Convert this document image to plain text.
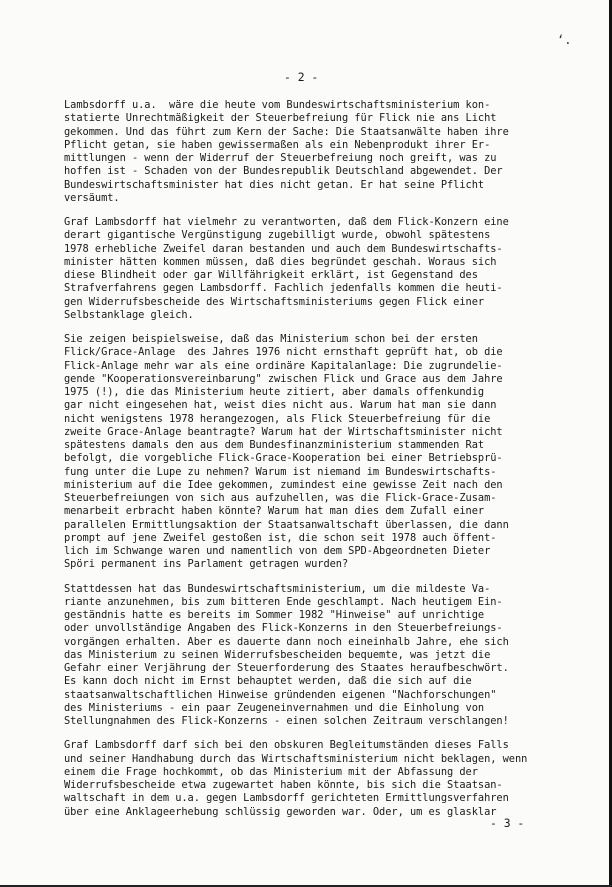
‘.
- 2 -
Lambsdorff u.a.  wäre die heute vom Bundeswirtschaftsministerium kon-
statierte Unrechtmäßigkeit der Steuerbefreiung für Flick nie ans Licht
gekommen. Und das führt zum Kern der Sache: Die Staatsanwälte haben ihre
Pflicht getan, sie haben gewissermaßen als ein Nebenprodukt ihrer Er-
mittlungen - wenn der Widerruf der Steuerbefreiung noch greift, was zu
hoffen ist - Schaden von der Bundesrepublik Deutschland abgewendet. Der
Bundeswirtschaftsminister hat dies nicht getan. Er hat seine Pflicht
versäumt.
Graf Lambsdorff hat vielmehr zu verantworten, daß dem Flick-Konzern eine
derart gigantische Vergünstigung zugebilligt wurde, obwohl spätestens
1978 erhebliche Zweifel daran bestanden und auch dem Bundeswirtschafts-
minister hätten kommen müssen, daß dies begründet geschah. Woraus sich
diese Blindheit oder gar Willfährigkeit erklärt, ist Gegenstand des
Strafverfahrens gegen Lambsdorff. Fachlich jedenfalls kommen die heuti-
gen Widerrufsbescheide des Wirtschaftsministeriums gegen Flick einer
Selbstanklage gleich.
Sie zeigen beispielsweise, daß das Ministerium schon bei der ersten
Flick/Grace-Anlage  des Jahres 1976 nicht ernsthaft geprüft hat, ob die
Flick-Anlage mehr war als eine ordinäre Kapitalanlage: Die zugrundelie-
gende "Kooperationsvereinbarung" zwischen Flick und Grace aus dem Jahre
1975 (!), die das Ministerium heute zitiert, aber damals offenkundig
gar nicht eingesehen hat, weist dies nicht aus. Warum hat man sie dann
nicht wenigstens 1978 herangezogen, als Flick Steuerbefreiung für die
zweite Grace-Anlage beantragte? Warum hat der Wirtschaftsminister nicht
spätestens damals den aus dem Bundesfinanzministerium stammenden Rat
befolgt, die vorgebliche Flick-Grace-Kooperation bei einer Betriebsprü-
fung unter die Lupe zu nehmen? Warum ist niemand im Bundeswirtschafts-
ministerium auf die Idee gekommen, zumindest eine gewisse Zeit nach den
Steuerbefreiungen von sich aus aufzuhellen, was die Flick-Grace-Zusam-
menarbeit erbracht haben könnte? Warum hat man dies dem Zufall einer
parallelen Ermittlungsaktion der Staatsanwaltschaft überlassen, die dann
prompt auf jene Zweifel gestoßen ist, die schon seit 1978 auch öffent-
lich im Schwange waren und namentlich von dem SPD-Abgeordneten Dieter
Spöri permanent ins Parlament getragen wurden?
Stattdessen hat das Bundeswirtschaftsministerium, um die mildeste Va-
riante anzunehmen, bis zum bitteren Ende geschlampt. Nach heutigem Ein-
geständnis hatte es bereits im Sommer 1982 "Hinweise" auf unrichtige
oder unvollständige Angaben des Flick-Konzerns in den Steuerbefreiungs-
vorgängen erhalten. Aber es dauerte dann noch eineinhalb Jahre, ehe sich
das Ministerium zu seinen Widerrufsbescheiden bequemte, was jetzt die
Gefahr einer Verjährung der Steuerforderung des Staates heraufbeschwört.
Es kann doch nicht im Ernst behauptet werden, daß die sich auf die
staatsanwaltschaftlichen Hinweise gründenden eigenen "Nachforschungen"
des Ministeriums - ein paar Zeugeneinvernahmen und die Einholung von
Stellungnahmen des Flick-Konzerns - einen solchen Zeitraum verschlangen!
Graf Lambsdorff darf sich bei den obskuren Begleitumständen dieses Falls
und seiner Handhabung durch das Wirtschaftsministerium nicht beklagen, wenn
einem die Frage hochkommt, ob das Ministerium mit der Abfassung der
Widerrufsbescheide etwa zugewartet haben könnte, bis sich die Staatsan-
waltschaft in dem u.a. gegen Lambsdorff gerichteten Ermittlungsverfahren
über eine Anklageerhebung schlüssig geworden war. Oder, um es glasklar
- 3 -
